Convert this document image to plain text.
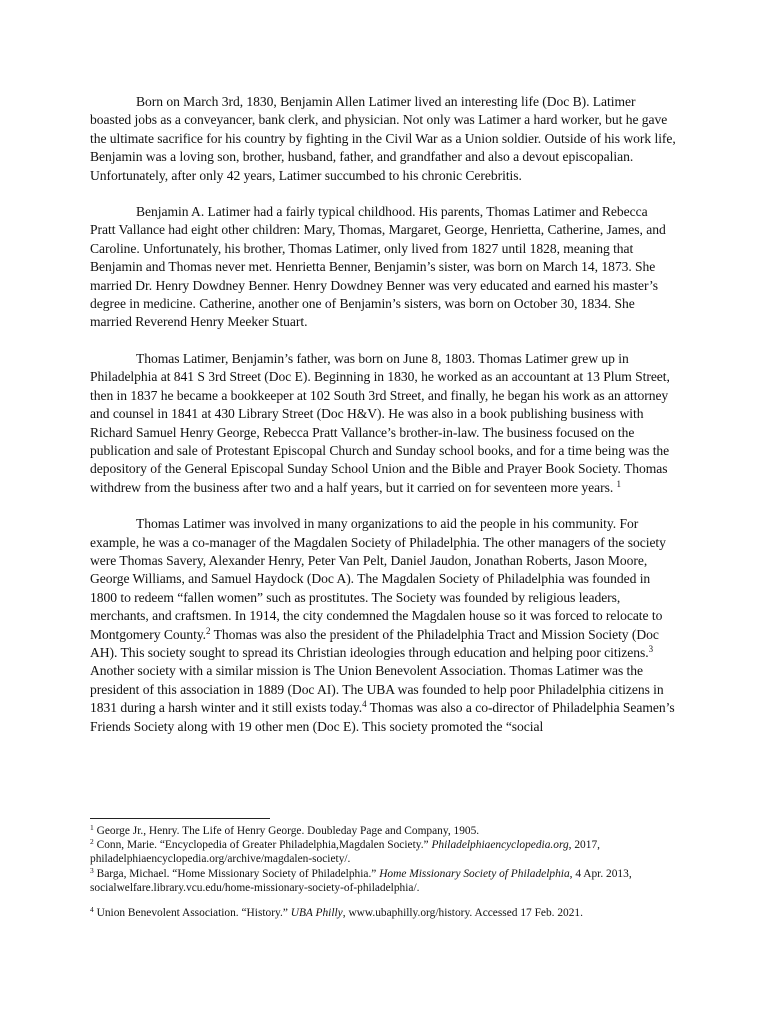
Born on March 3rd, 1830, Benjamin Allen Latimer lived an interesting life (Doc B). Latimer boasted jobs as a conveyancer, bank clerk, and physician. Not only was Latimer a hard worker, but he gave the ultimate sacrifice for his country by fighting in the Civil War as a Union soldier. Outside of his work life, Benjamin was a loving son, brother, husband, father, and grandfather and also a devout episcopalian. Unfortunately, after only 42 years, Latimer succumbed to his chronic Cerebritis.

Benjamin A. Latimer had a fairly typical childhood. His parents, Thomas Latimer and Rebecca Pratt Vallance had eight other children: Mary, Thomas, Margaret, George, Henrietta, Catherine, James, and Caroline. Unfortunately, his brother, Thomas Latimer, only lived from 1827 until 1828, meaning that Benjamin and Thomas never met. Henrietta Benner, Benjamin’s sister, was born on March 14, 1873. She married Dr. Henry Dowdney Benner. Henry Dowdney Benner was very educated and earned his master’s degree in medicine. Catherine, another one of Benjamin’s sisters, was born on October 30, 1834. She married Reverend Henry Meeker Stuart.

Thomas Latimer, Benjamin’s father, was born on June 8, 1803. Thomas Latimer grew up in Philadelphia at 841 S 3rd Street (Doc E). Beginning in 1830, he worked as an accountant at 13 Plum Street, then in 1837 he became a bookkeeper at 102 South 3rd Street, and finally, he began his work as an attorney and counsel in 1841 at 430 Library Street (Doc H&V). He was also in a book publishing business with Richard Samuel Henry George, Rebecca Pratt Vallance’s brother-in-law. The business focused on the publication and sale of Protestant Episcopal Church and Sunday school books, and for a time being was the depository of the General Episcopal Sunday School Union and the Bible and Prayer Book Society. Thomas withdrew from the business after two and a half years, but it carried on for seventeen more years. $^1$

Thomas Latimer was involved in many organizations to aid the people in his community. For example, he was a co-manager of the Magdalen Society of Philadelphia. The other managers of the society were Thomas Savery, Alexander Henry, Peter Van Pelt, Daniel Jaudon, Jonathan Roberts, Jason Moore, George Williams, and Samuel Haydock (Doc A). The Magdalen Society of Philadelphia was founded in 1800 to redeem “fallen women” such as prostitutes. The Society was founded by religious leaders, merchants, and craftsmen. In 1914, the city condemned the Magdalen house so it was forced to relocate to Montgomery County.$^2$ Thomas was also the president of the Philadelphia Tract and Mission Society (Doc AH). This society sought to spread its Christian ideologies through education and helping poor citizens.$^3$ Another society with a similar mission is The Union Benevolent Association. Thomas Latimer was the president of this association in 1889 (Doc AI). The UBA was founded to help poor Philadelphia citizens in 1831 during a harsh winter and it still exists today.$^4$ Thomas was also a co-director of Philadelphia Seamen’s Friends Society along with 19 other men (Doc E). This society promoted the “social

$^1$ George Jr., Henry. The Life of Henry George. Doubleday Page and Company, 1905.

$^2$ Conn, Marie. “Encyclopedia of Greater Philadelphia,Magdalen Society.” Philadelphiaencyclopedia.org, 2017, philadelphiaencyclopedia.org/archive/magdalen-society/.

$^3$ Barga, Michael. “Home Missionary Society of Philadelphia.” Home Missionary Society of Philadelphia, 4 Apr. 2013, socialwelfare.library.vcu.edu/home-missionary-society-of-philadelphia/.

$^4$ Union Benevolent Association. “History.” UBA Philly, www.ubaphilly.org/history. Accessed 17 Feb. 2021.
